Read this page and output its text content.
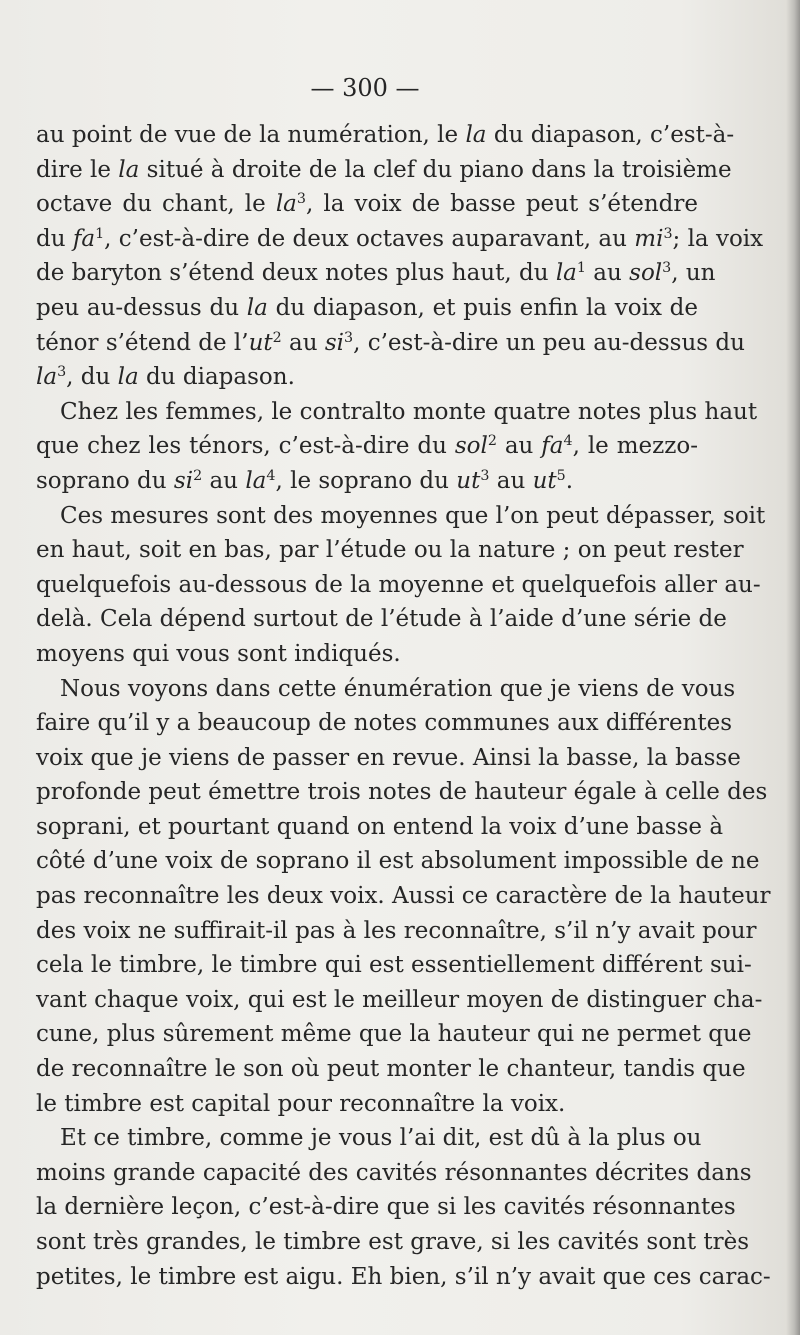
— 300 —
au point de vue de la numération, le la du diapason, c’est-à-
dire le la situé à droite de la clef du piano dans la troisième
octave du chant, le $la^3$, la voix de basse peut s’étendre
du $fa^1$, c’est-à-dire de deux octaves auparavant, au $mi^3$; la voix
de baryton s’étend deux notes plus haut, du $la^1$ au sol$^3$, un
peu au-dessus du la du diapason, et puis enfin la voix de
ténor s’étend de $l’ut^2$ au $si^3$, c’est-à-dire un peu au-dessus du
$la^3$, du la du diapason.
Chez les femmes, le contralto monte quatre notes plus haut
que chez les ténors, c’est-à-dire du sol$^2$ au $fa^4$, le mezzo-
soprano du $si^2$ au $la^4$, le soprano du $ut^3$ au $ut^5$.
Ces mesures sont des moyennes que l’on peut dépasser, soit
en haut, soit en bas, par l’étude ou la nature ; on peut rester
quelquefois au-dessous de la moyenne et quelquefois aller au-
delà. Cela dépend surtout de l’étude à l’aide d’une série de
moyens qui vous sont indiqués.
Nous voyons dans cette énumération que je viens de vous
faire qu’il y a beaucoup de notes communes aux différentes
voix que je viens de passer en revue. Ainsi la basse, la basse
profonde peut émettre trois notes de hauteur égale à celle des
soprani, et pourtant quand on entend la voix d’une basse à
côté d’une voix de soprano il est absolument impossible de ne
pas reconnaître les deux voix. Aussi ce caractère de la hauteur
des voix ne suffirait-il pas à les reconnaître, s’il n’y avait pour
cela le timbre, le timbre qui est essentiellement différent sui-
vant chaque voix, qui est le meilleur moyen de distinguer cha-
cune, plus sûrement même que la hauteur qui ne permet que
de reconnaître le son où peut monter le chanteur, tandis que
le timbre est capital pour reconnaître la voix.
Et ce timbre, comme je vous l’ai dit, est dû à la plus ou
moins grande capacité des cavités résonnantes décrites dans
la dernière leçon, c’est-à-dire que si les cavités résonnantes
sont très grandes, le timbre est grave, si les cavités sont très
petites, le timbre est aigu. Eh bien, s’il n’y avait que ces carac-
